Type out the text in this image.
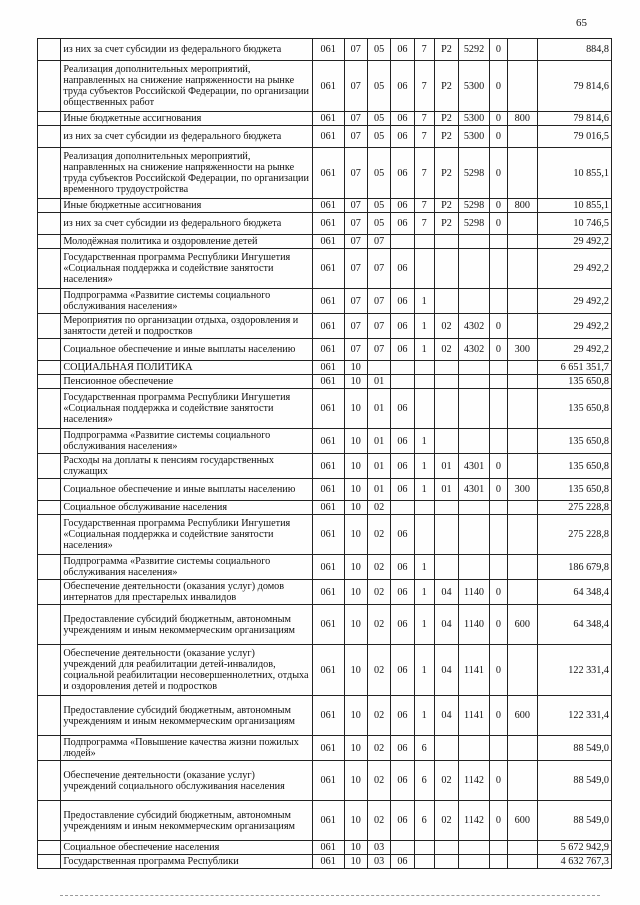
65
	из них за счет субсидии из федерального бюджета	061	07	05	06	7	P2	5292	0		884,8
	Реализация дополнительных мероприятий, направленных на снижение напряженности на рынке труда субъектов Российской Федерации, по организации общественных работ	061	07	05	06	7	P2	5300	0		79 814,6
	Иные бюджетные ассигнования	061	07	05	06	7	P2	5300	0	800	79 814,6
	из них за счет субсидии из федерального бюджета	061	07	05	06	7	P2	5300	0		79 016,5
	Реализация дополнительных мероприятий, направленных на снижение напряженности на рынке труда субъектов Российской Федерации, по организации временного трудоустройства	061	07	05	06	7	P2	5298	0		10 855,1
	Иные бюджетные ассигнования	061	07	05	06	7	P2	5298	0	800	10 855,1
	из них за счет субсидии из федерального бюджета	061	07	05	06	7	P2	5298	0		10 746,5
	Молодёжная политика и оздоровление детей	061	07	07							29 492,2
	Государственная программа Республики Ингушетия «Социальная поддержка и содействие занятости населения»	061	07	07	06						29 492,2
	Подпрограмма «Развитие системы социального обслуживания населения»	061	07	07	06	1					29 492,2
	Мероприятия по организации отдыха, оздоровления и занятости детей и подростков	061	07	07	06	1	02	4302	0		29 492,2
	Социальное обеспечение и иные выплаты населению	061	07	07	06	1	02	4302	0	300	29 492,2
	СОЦИАЛЬНАЯ ПОЛИТИКА	061	10								6 651 351,7
	Пенсионное обеспечение	061	10	01							135 650,8
	Государственная программа Республики Ингушетия «Социальная поддержка и содействие занятости населения»	061	10	01	06						135 650,8
	Подпрограмма «Развитие системы социального обслуживания населения»	061	10	01	06	1					135 650,8
	Расходы на доплаты к пенсиям государственных служащих	061	10	01	06	1	01	4301	0		135 650,8
	Социальное обеспечение и иные выплаты населению	061	10	01	06	1	01	4301	0	300	135 650,8
	Социальное обслуживание населения	061	10	02							275 228,8
	Государственная программа Республики Ингушетия «Социальная поддержка и содействие занятости населения»	061	10	02	06						275 228,8
	Подпрограмма «Развитие системы социального обслуживания населения»	061	10	02	06	1					186 679,8
	Обеспечение деятельности (оказания услуг) домов интернатов для престарелых инвалидов	061	10	02	06	1	04	1140	0		64 348,4
	Предоставление субсидий бюджетным, автономным учреждениям и иным некоммерческим организациям	061	10	02	06	1	04	1140	0	600	64 348,4
	Обеспечение деятельности (оказание услуг) учреждений для реабилитации детей-инвалидов, социальной реабилитации несовершеннолетних, отдыха и оздоровления детей и подростков	061	10	02	06	1	04	1141	0		122 331,4
	Предоставление субсидий бюджетным, автономным учреждениям и иным некоммерческим организациям	061	10	02	06	1	04	1141	0	600	122 331,4
	Подпрограмма «Повышение качества жизни пожилых людей»	061	10	02	06	6					88 549,0
	Обеспечение деятельности (оказание услуг) учреждений социального обслуживания населения	061	10	02	06	6	02	1142	0		88 549,0
	Предоставление субсидий бюджетным, автономным учреждениям и иным некоммерческим организациям	061	10	02	06	6	02	1142	0	600	88 549,0
	Социальное обеспечение населения	061	10	03							5 672 942,9
	Государственная программа Республики	061	10	03	06						4 632 767,3
